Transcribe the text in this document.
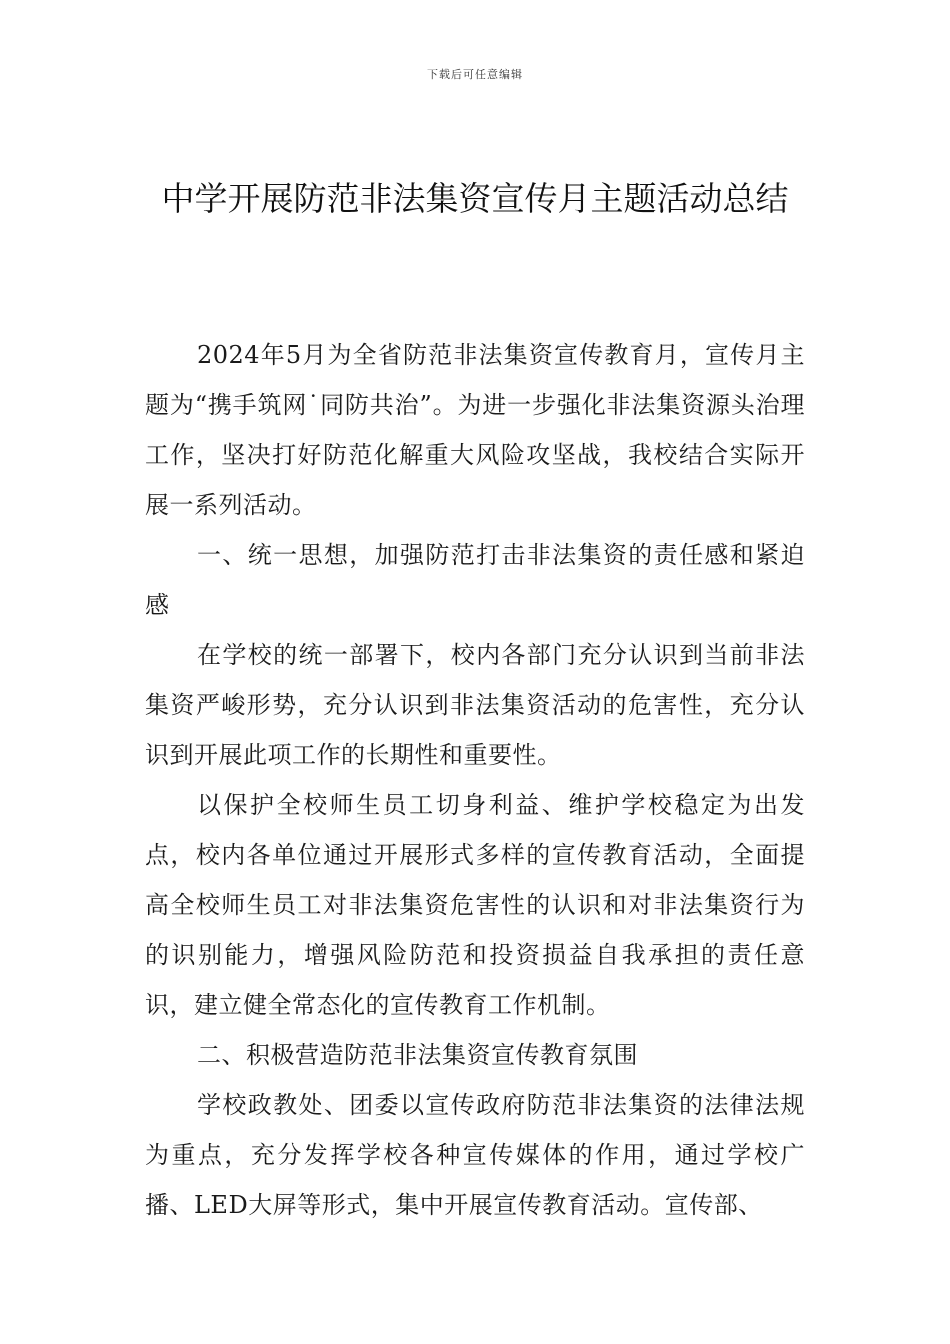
下载后可任意编辑
中学开展防范非法集资宣传月主题活动总结

2024年5月为全省防范非法集资宣传教育月，宣传月主题为“携手筑网˙同防共治”。为进一步强化非法集资源头治理工作，坚决打好防范化解重大风险攻坚战，我校结合实际开展一系列活动。

一、统一思想，加强防范打击非法集资的责任感和紧迫感

在学校的统一部署下，校内各部门充分认识到当前非法集资严峻形势，充分认识到非法集资活动的危害性，充分认识到开展此项工作的长期性和重要性。

以保护全校师生员工切身利益、维护学校稳定为出发点，校内各单位通过开展形式多样的宣传教育活动，全面提高全校师生员工对非法集资危害性的认识和对非法集资行为的识别能力，增强风险防范和投资损益自我承担的责任意识，建立健全常态化的宣传教育工作机制。

二、积极营造防范非法集资宣传教育氛围

学校政教处、团委以宣传政府防范非法集资的法律法规为重点，充分发挥学校各种宣传媒体的作用，通过学校广播、LED大屏等形式，集中开展宣传教育活动。宣传部、
